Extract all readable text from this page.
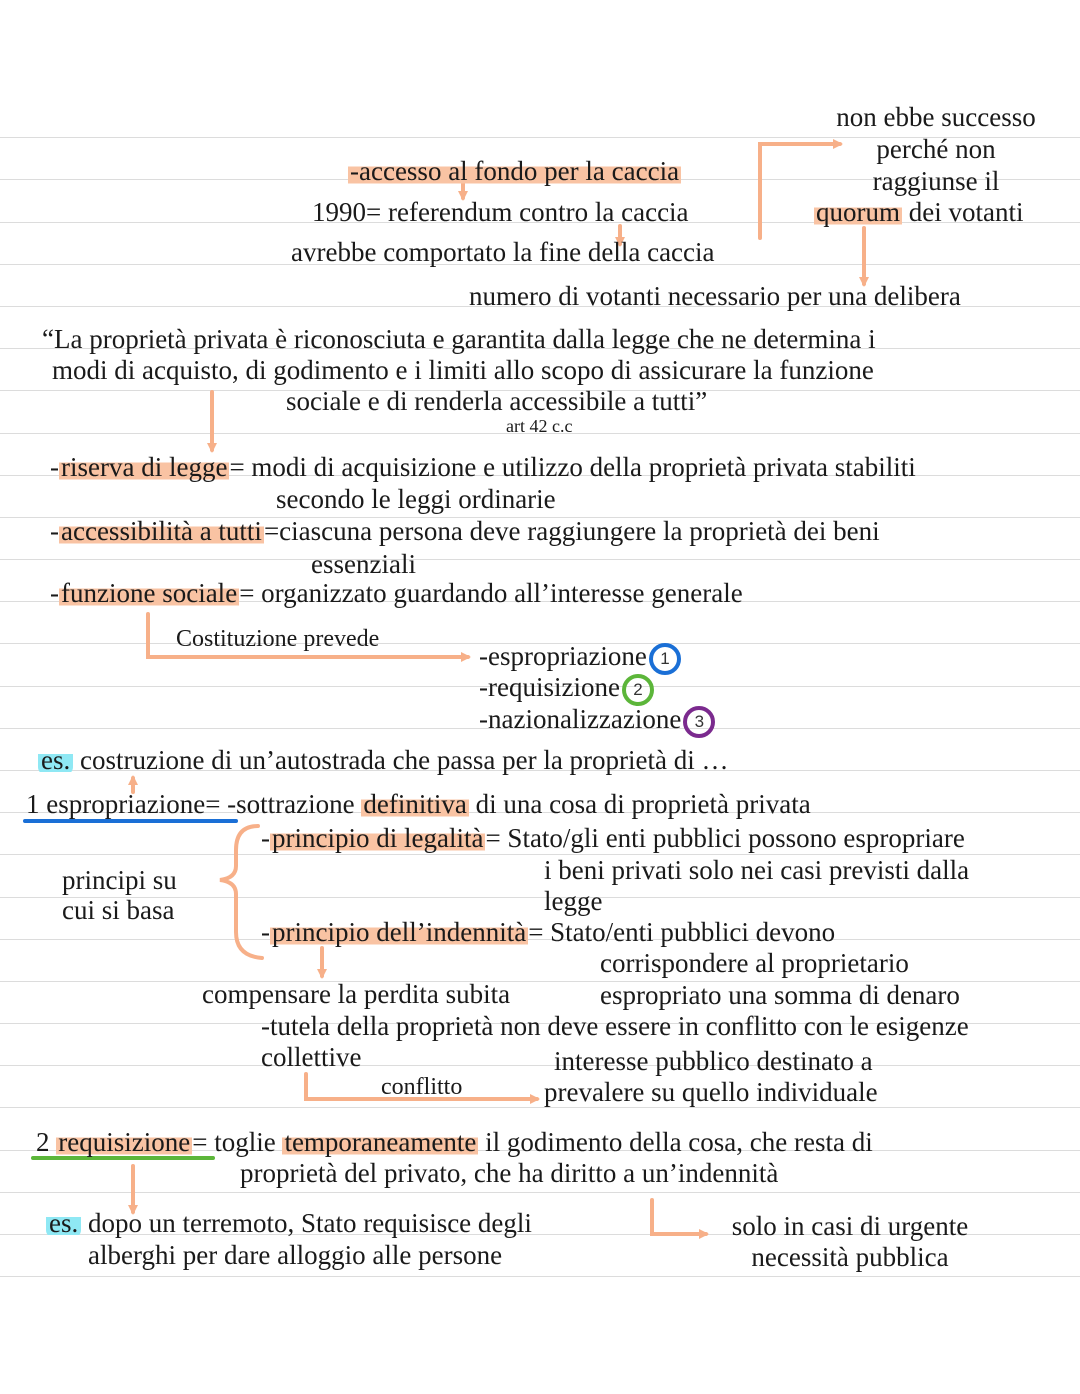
-accesso al fondo per la caccia
1990= referendum contro la caccia
avrebbe comportato la fine della caccia
non ebbe successo
perché non
raggiunse il
quorum dei votanti
numero di votanti necessario per una delibera
“La proprietà privata è riconosciuta e garantita dalla legge che ne determina i
modi di acquisto, di godimento e i limiti allo scopo di assicurare la funzione
sociale e di renderla accessibile a tutti”
art 42 c.c
-riserva di legge= modi di acquisizione e utilizzo della proprietà privata stabiliti
secondo le leggi ordinarie
-accessibilità a tutti=ciascuna persona deve raggiungere la proprietà dei beni
essenziali
-funzione sociale= organizzato guardando all’interesse generale
Costituzione prevede
-espropriazione 1
-requisizione 2
-nazionalizzazione 3
es. costruzione di un’autostrada che passa per la proprietà di …
1 espropriazione= -sottrazione definitiva di una cosa di proprietà privata
-principio di legalità= Stato/gli enti pubblici possono espropriare
i beni privati solo nei casi previsti dalla
legge
principi su
cui si basa
-principio dell’indennità= Stato/enti pubblici devono
corrispondere al proprietario
compensare la perdita subita	espropriato una somma di denaro
-tutela della proprietà non deve essere in conflitto con le esigenze
collettive	interesse pubblico destinato a
conflitto	prevalere su quello individuale
2 requisizione= toglie temporaneamente il godimento della cosa, che resta di
proprietà del privato, che ha diritto a un’indennità
es. dopo un terremoto, Stato requisisce degli
alberghi per dare alloggio alle persone
solo in casi di urgente
necessità pubblica
